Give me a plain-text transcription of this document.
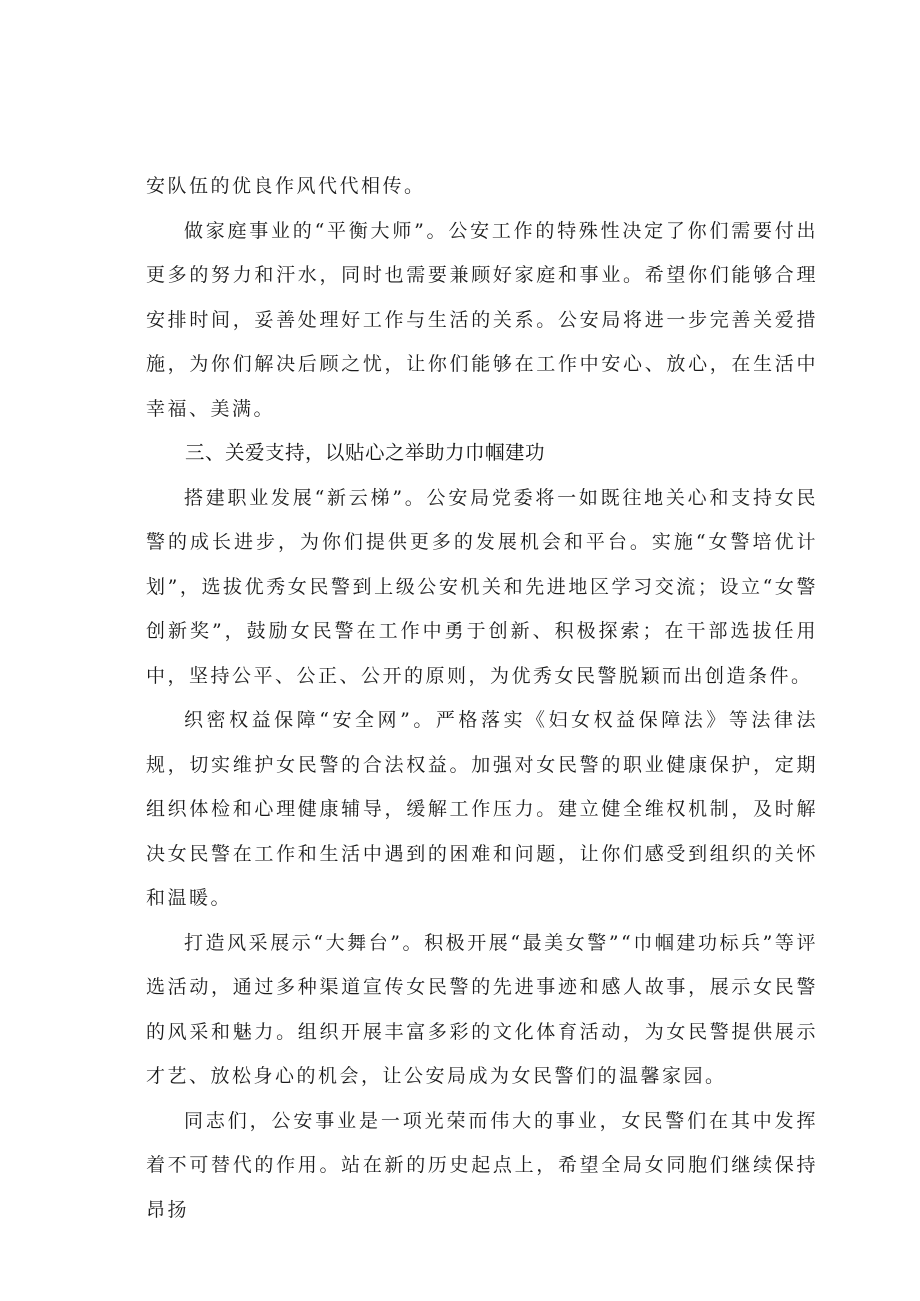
安队伍的优良作风代代相传。

做家庭事业的“平衡大师”。公安工作的特殊性决定了你们需要付出更多的努力和汗水，同时也需要兼顾好家庭和事业。希望你们能够合理安排时间，妥善处理好工作与生活的关系。公安局将进一步完善关爱措施，为你们解决后顾之忧，让你们能够在工作中安心、放心，在生活中幸福、美满。

三、关爱支持，以贴心之举助力巾帼建功

搭建职业发展“新云梯”。公安局党委将一如既往地关心和支持女民警的成长进步，为你们提供更多的发展机会和平台。实施“女警培优计划”，选拔优秀女民警到上级公安机关和先进地区学习交流；设立“女警创新奖”，鼓励女民警在工作中勇于创新、积极探索；在干部选拔任用中，坚持公平、公正、公开的原则，为优秀女民警脱颖而出创造条件。

织密权益保障“安全网”。严格落实《妇女权益保障法》等法律法规，切实维护女民警的合法权益。加强对女民警的职业健康保护，定期组织体检和心理健康辅导，缓解工作压力。建立健全维权机制，及时解决女民警在工作和生活中遇到的困难和问题，让你们感受到组织的关怀和温暖。

打造风采展示“大舞台”。积极开展“最美女警”“巾帼建功标兵”等评选活动，通过多种渠道宣传女民警的先进事迹和感人故事，展示女民警的风采和魅力。组织开展丰富多彩的文化体育活动，为女民警提供展示才艺、放松身心的机会，让公安局成为女民警们的温馨家园。

同志们，公安事业是一项光荣而伟大的事业，女民警们在其中发挥着不可替代的作用。站在新的历史起点上，希望全局女同胞们继续保持昂扬
